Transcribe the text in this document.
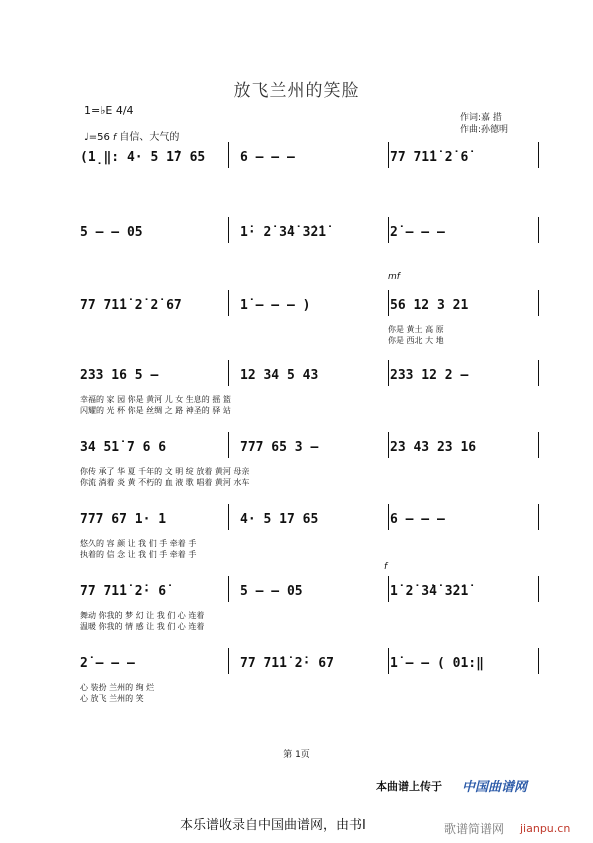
放飞兰州的笑脸
1=♭E 4/4
♩=56 f 自信、大气的
作词:嘉 措
作曲:孙德明
(1̣‖: 4· 5 1̇7 65	6 – – –	77 71̇1̇ 2̇ 6̇
5 – – 05	1̇· 2̇ 3̇4̇ 3̇2̇1̇	2̇ – – –
77 71̇1̇ 2̇ 2̇ 67	1̇ – – – )	56 12 3 21
你是 黄土 高 原
你是 西北 大 地
233 16 5 –	12 34 5 43	233 12 2 –
幸福的 家 园 你是 黄河 儿 女 生息的 摇 篮
闪耀的 光 杯 你是 丝绸 之 路 神圣的 驿 站
34 51̇ 7 6 6	777 65 3 –	23 43 23 16
你传 承了 华 夏 千年的 文 明 绽 放着 黄河 母亲
你流 淌着 炎 黄 不朽的 血 液 歌 唱着 黄河 水车
777 67 1· 1	4· 5 17 65	6 – – –
悠久的 容 颜 让 我 们 手 牵着 手
执着的 信 念 让 我 们 手 牵着 手
77 71̇1̇ 2̇· 6̇	5 – – 05	1̇ 2̇ 3̇4̇ 3̇2̇1̇
舞动 你我的 梦 幻 让 我 们 心 连着
温暖 你我的 情 感 让 我 们 心 连着
2̇ – – –	77 71̇1̇ 2̇· 67	1̇ – – ( 01:‖
心 装扮 兰州的 绚 烂
心 放飞 兰州的 笑
第 1页
本曲谱上传于 中国曲谱网
本乐谱收录自中国曲谱网，由书Ⅰ	歌谱简谱网 jianpu.cn
mf
f
